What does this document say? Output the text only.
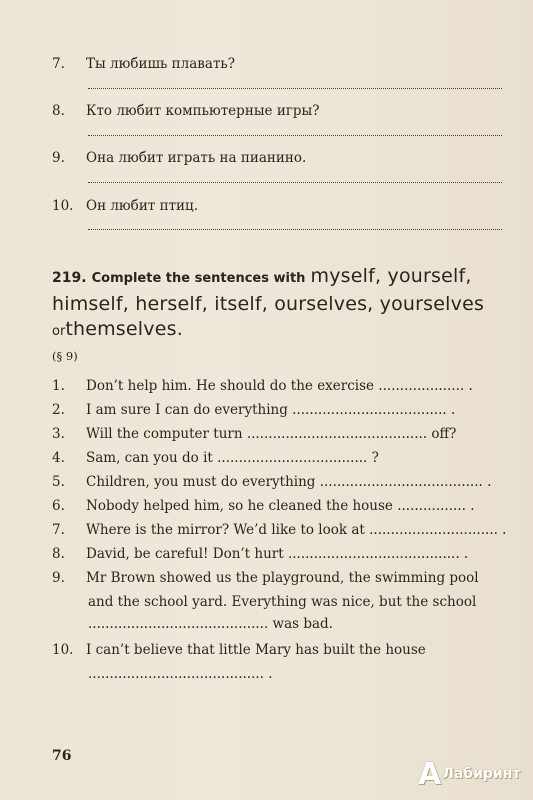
7. Ты любишь плавать?
8. Кто любит компьютерные игры?
9. Она любит играть на пианино.
10. Он любит птиц.
219. Complete the sentences with myself, yourself,
himself, herself, itself, ourselves, yourselves
orthemselves.
(§ 9)
1. Don’t help him. He should do the exercise .................... .
2. I am sure I can do everything .................................... .
3. Will the computer turn .......................................... off?
4. Sam, can you do it ................................... ?
5. Children, you must do everything ...................................... .
6. Nobody helped him, so he cleaned the house ................ .
7. Where is the mirror? We’d like to look at .............................. .
8. David, be careful! Don’t hurt ........................................ .
9. Mr Brown showed us the playground, the swimming pool
and the school yard. Everything was nice, but the school
.......................................... was bad.
10. I can’t believe that little Mary has built the house
......................................... .
76
A Лабиринт
